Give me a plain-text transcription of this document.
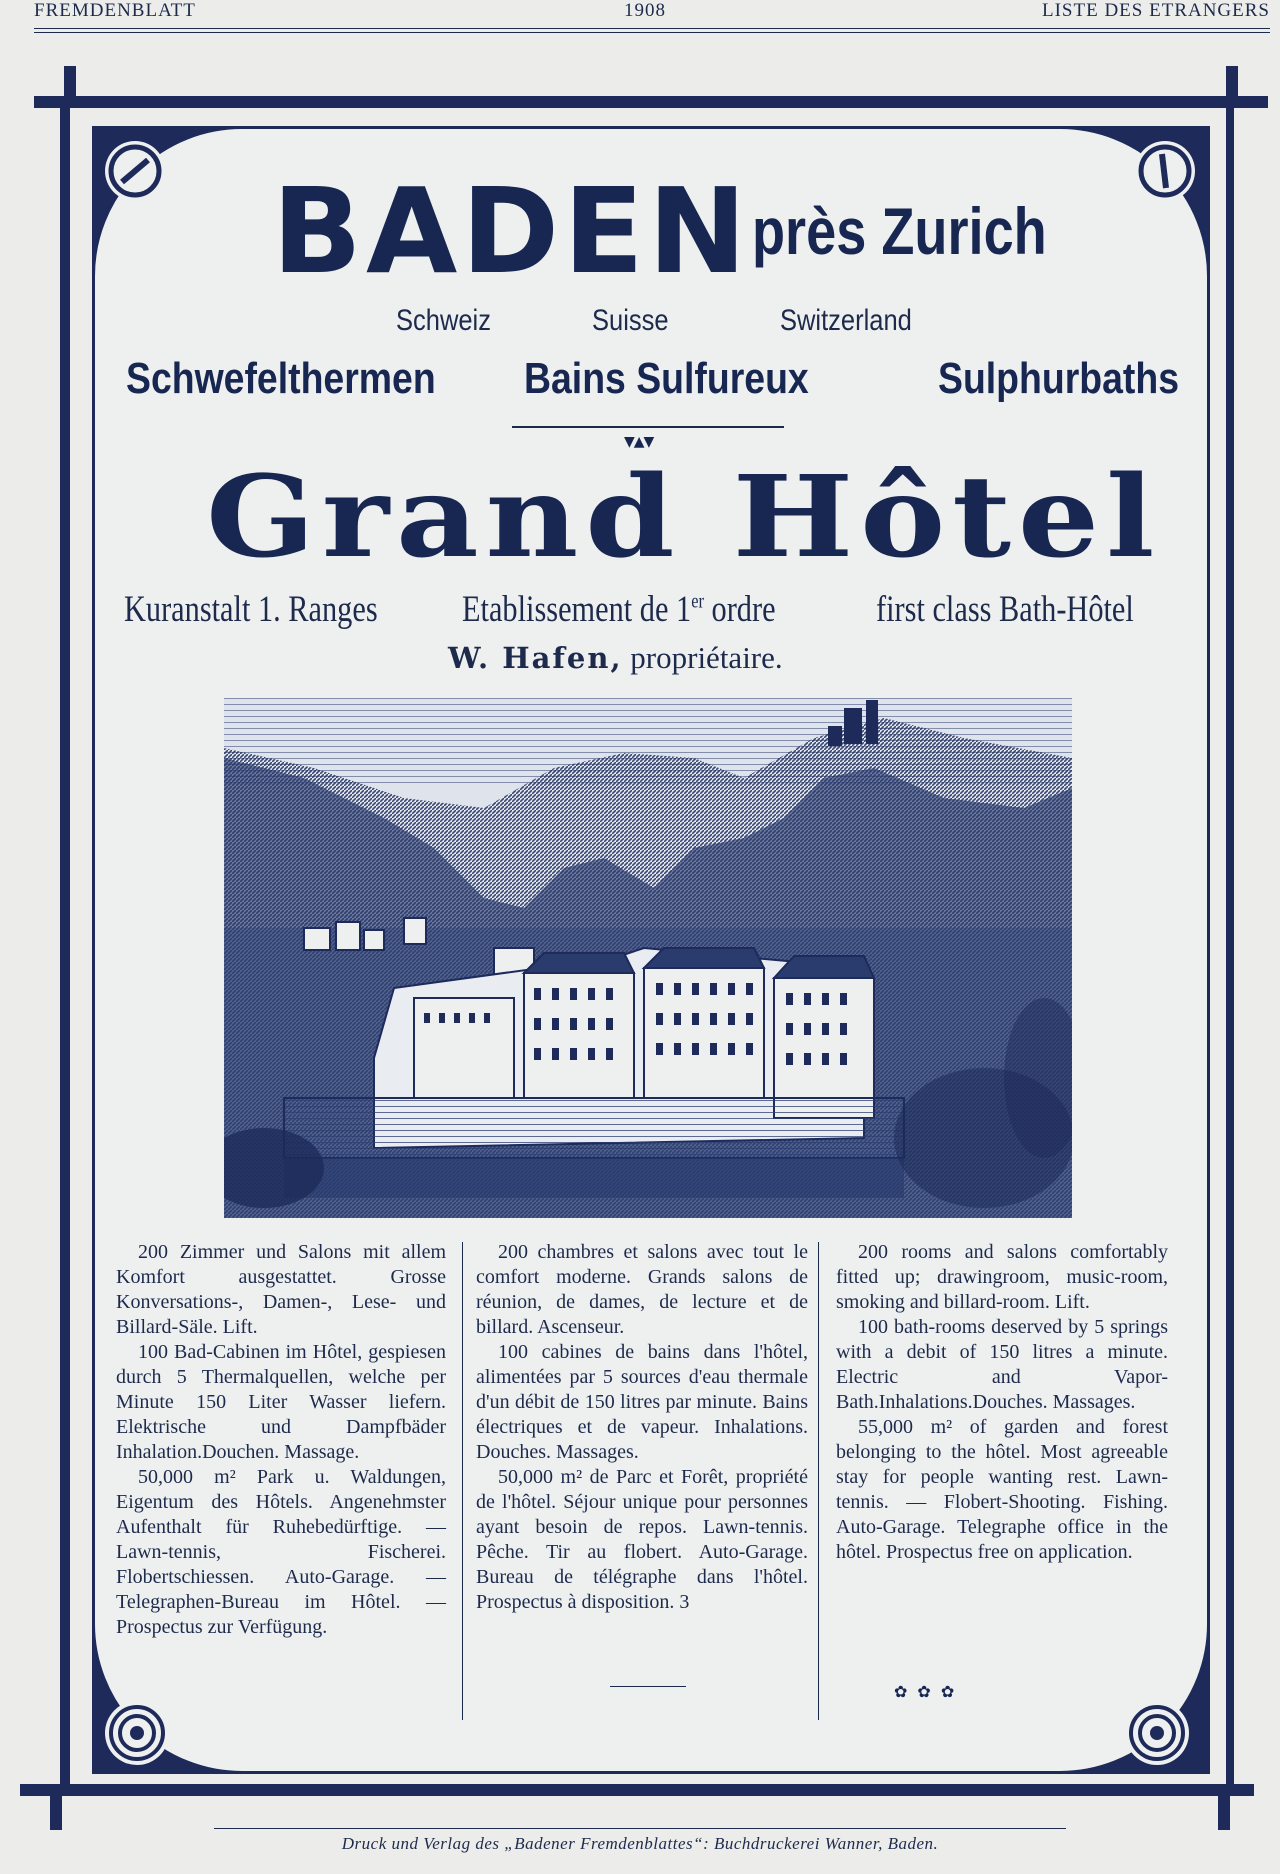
FREMDENBLATT	1908	LISTE DES ETRANGERS
BADEN près Zurich
Schweiz	Suisse	Switzerland
Schwefelthermen Bains Sulfureux	Sulphurbaths
▼▲▼
Grand Hôtel
Kuranstalt 1. Ranges Etablissement de 1er ordre	first class Bath-Hôtel
W. Hafen, propriétaire.

200 Zimmer und Salons mit allem Komfort ausgestattet. Grosse Konversations-, Damen-, Lese- und Billard-Säle. Lift.

100 Bad-Cabinen im Hôtel, gespiesen durch 5 Thermalquellen, welche per Minute 150 Liter Wasser liefern. Elektrische und Dampfbäder Inhalation.Douchen. Massage.

50,000 m² Park u. Waldungen, Eigentum des Hôtels. Angenehmster Aufenthalt für Ruhebedürftige. — Lawn-tennis, Fischerei. Flobertschiessen. Auto-Garage. — Telegraphen-Bureau im Hôtel. — Prospectus zur Verfügung.

200 chambres et salons avec tout le comfort moderne. Grands salons de réunion, de dames, de lecture et de billard. Ascenseur.

100 cabines de bains dans l'hôtel, alimentées par 5 sources d'eau thermale d'un débit de 150 litres par minute. Bains électriques et de vapeur. Inhalations. Douches. Massages.

50,000 m² de Parc et Forêt, propriété de l'hôtel. Séjour unique pour personnes ayant besoin de repos. Lawn-tennis. Pêche. Tir au flobert. Auto-Garage. Bureau de télégraphe dans l'hôtel. Prospectus à disposition. 3

200 rooms and salons comfortably fitted up; drawingroom, music-room, smoking and billard-room. Lift.

100 bath-rooms deserved by 5 springs with a debit of 150 litres a minute. Electric and Vapor-Bath.Inhalations.Douches. Massages.

55,000 m² of garden and forest belonging to the hôtel. Most agreeable stay for people wanting rest. Lawn-tennis. — Flobert-Shooting. Fishing. Auto-Garage. Telegraphe office in the hôtel. Prospectus free on application.

✿✿✿
Druck und Verlag des „Badener Fremdenblattes“: Buchdruckerei Wanner, Baden.
